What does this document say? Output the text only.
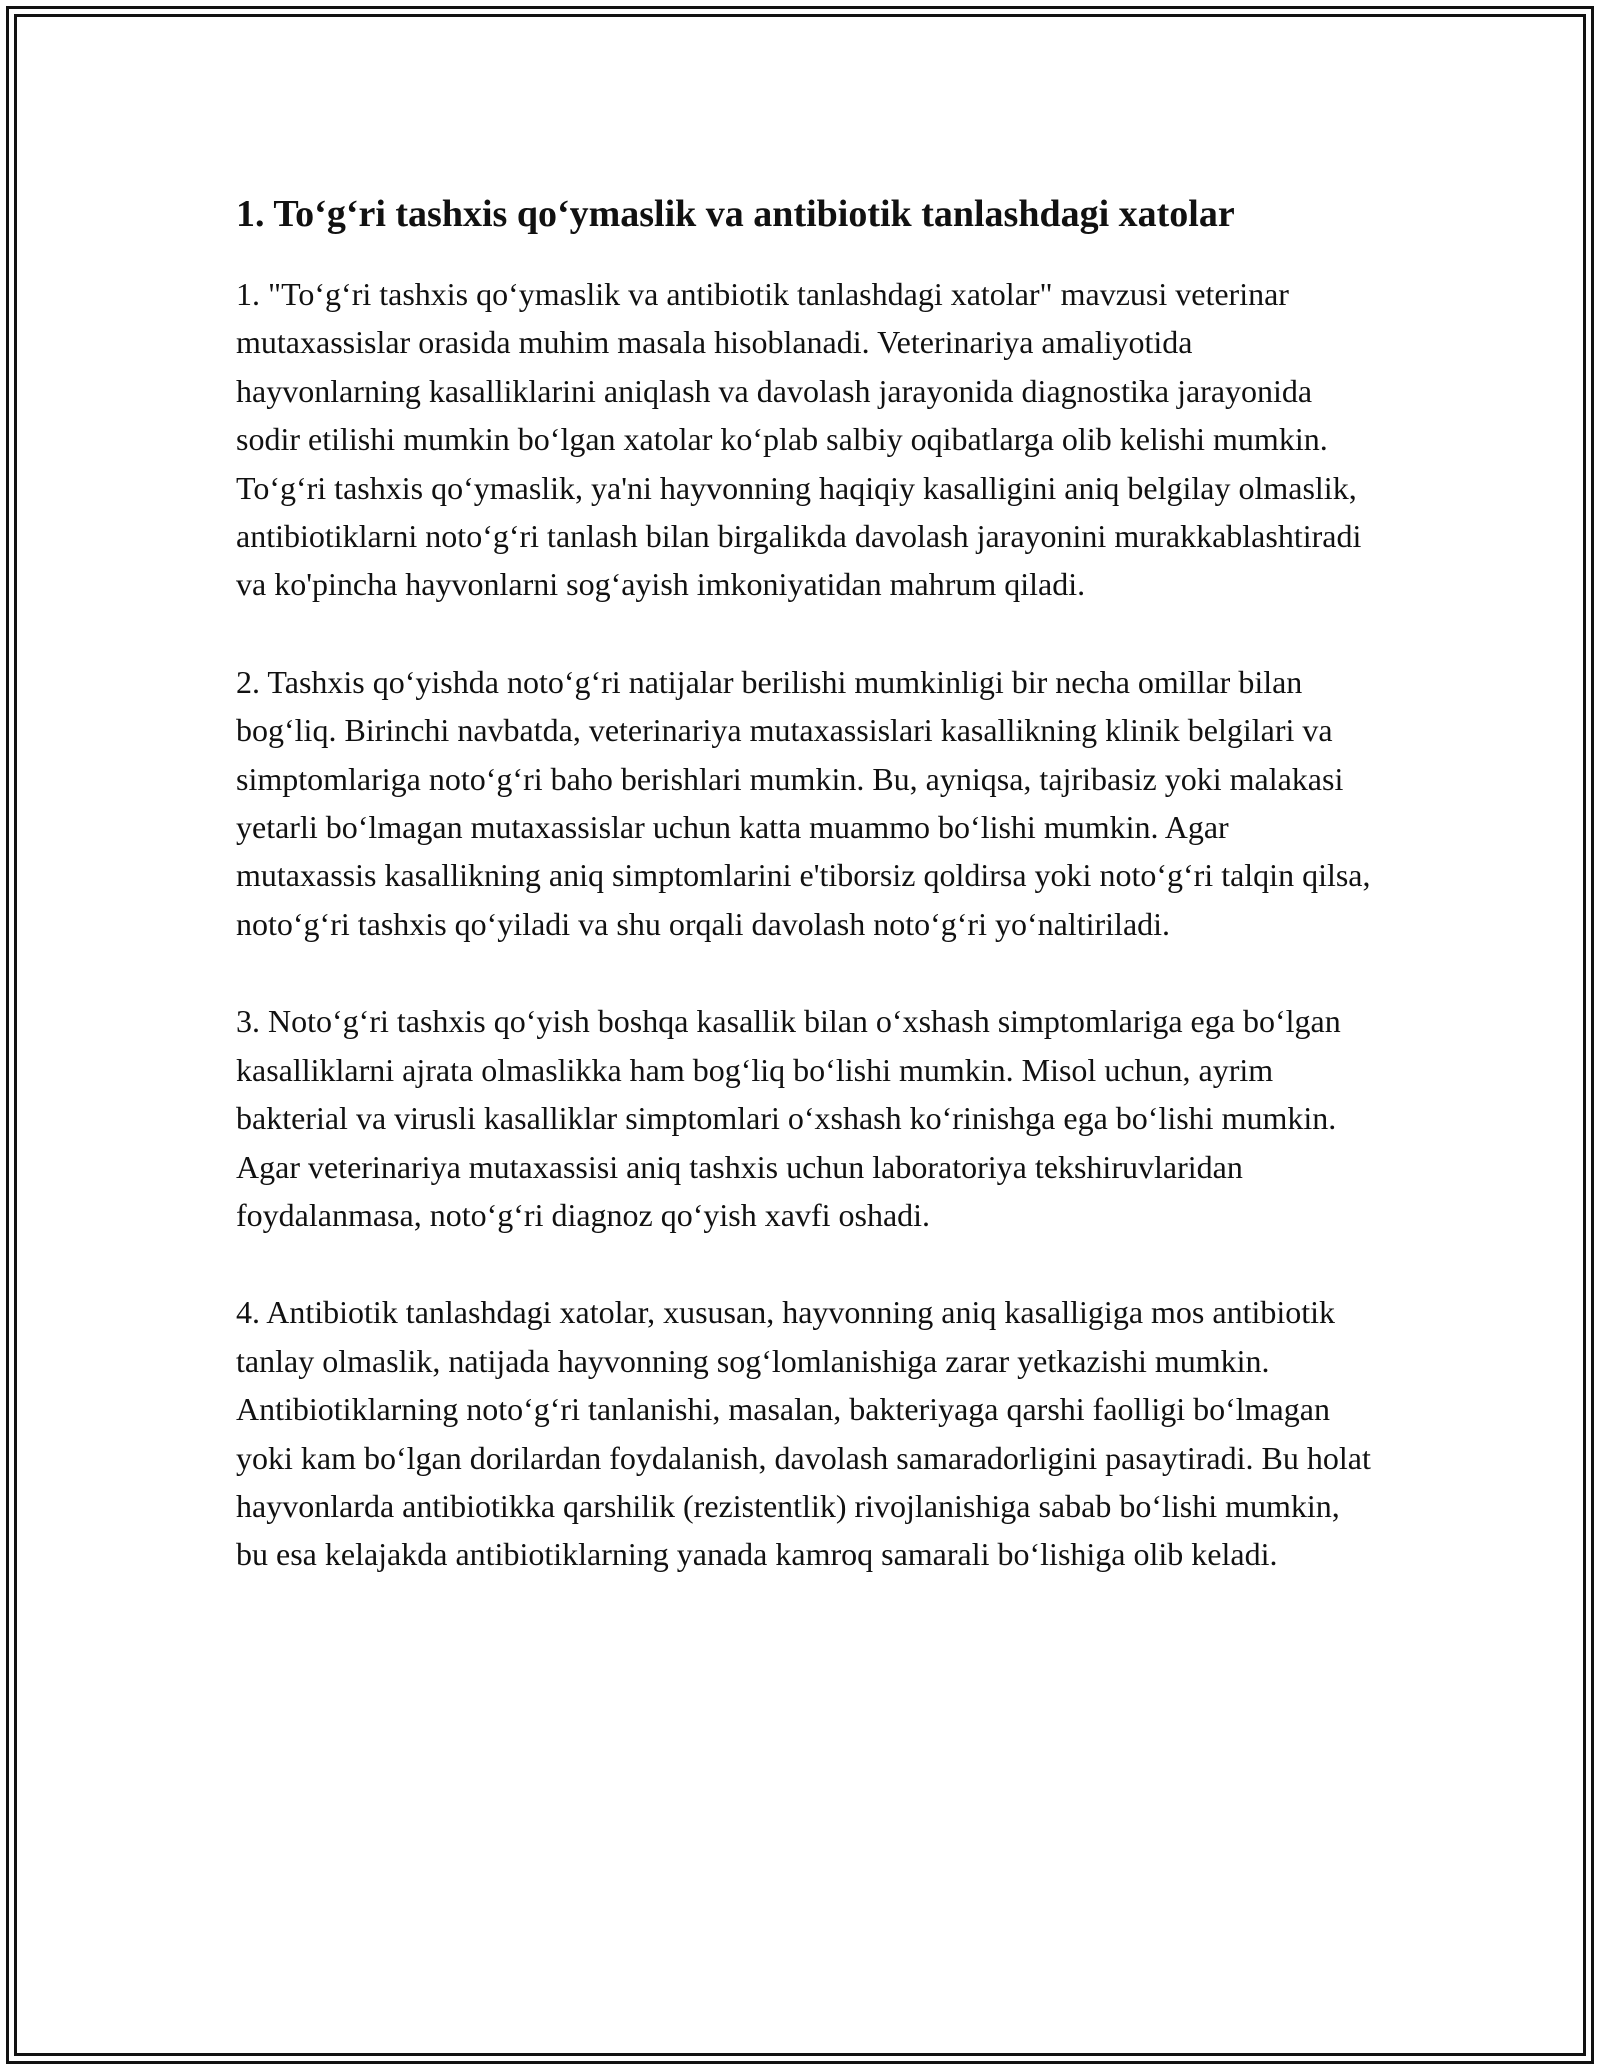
1. To‘g‘ri tashxis qo‘ymaslik va antibiotik tanlashdagi xatolar

1. "To‘g‘ri tashxis qo‘ymaslik va antibiotik tanlashdagi xatolar" mavzusi veterinar mutaxassislar orasida muhim masala hisoblanadi. Veterinariya amaliyotida hayvonlarning kasalliklarini aniqlash va davolash jarayonida diagnostika jarayonida sodir etilishi mumkin bo‘lgan xatolar ko‘plab salbiy oqibatlarga olib kelishi mumkin. To‘g‘ri tashxis qo‘ymaslik, ya'ni hayvonning haqiqiy kasalligini aniq belgilay olmaslik, antibiotiklarni noto‘g‘ri tanlash bilan birgalikda davolash jarayonini murakkablashtiradi va ko'pincha hayvonlarni sog‘ayish imkoniyatidan mahrum qiladi.

2. Tashxis qo‘yishda noto‘g‘ri natijalar berilishi mumkinligi bir necha omillar bilan bog‘liq. Birinchi navbatda, veterinariya mutaxassislari kasallikning klinik belgilari va simptomlariga noto‘g‘ri baho berishlari mumkin. Bu, ayniqsa, tajribasiz yoki malakasi yetarli bo‘lmagan mutaxassislar uchun katta muammo bo‘lishi mumkin. Agar mutaxassis kasallikning aniq simptomlarini e'tiborsiz qoldirsa yoki noto‘g‘ri talqin qilsa, noto‘g‘ri tashxis qo‘yiladi va shu orqali davolash noto‘g‘ri yo‘naltiriladi.

3. Noto‘g‘ri tashxis qo‘yish boshqa kasallik bilan o‘xshash simptomlariga ega bo‘lgan kasalliklarni ajrata olmaslikka ham bog‘liq bo‘lishi mumkin. Misol uchun, ayrim bakterial va virusli kasalliklar simptomlari o‘xshash ko‘rinishga ega bo‘lishi mumkin. Agar veterinariya mutaxassisi aniq tashxis uchun laboratoriya tekshiruvlaridan foydalanmasa, noto‘g‘ri diagnoz qo‘yish xavfi oshadi.

4. Antibiotik tanlashdagi xatolar, xususan, hayvonning aniq kasalligiga mos antibiotik tanlay olmaslik, natijada hayvonning sog‘lomlanishiga zarar yetkazishi mumkin. Antibiotiklarning noto‘g‘ri tanlanishi, masalan, bakteriyaga qarshi faolligi bo‘lmagan yoki kam bo‘lgan dorilardan foydalanish, davolash samaradorligini pasaytiradi. Bu holat hayvonlarda antibiotikka qarshilik (rezistentlik) rivojlanishiga sabab bo‘lishi mumkin, bu esa kelajakda antibiotiklarning yanada kamroq samarali bo‘lishiga olib keladi.
